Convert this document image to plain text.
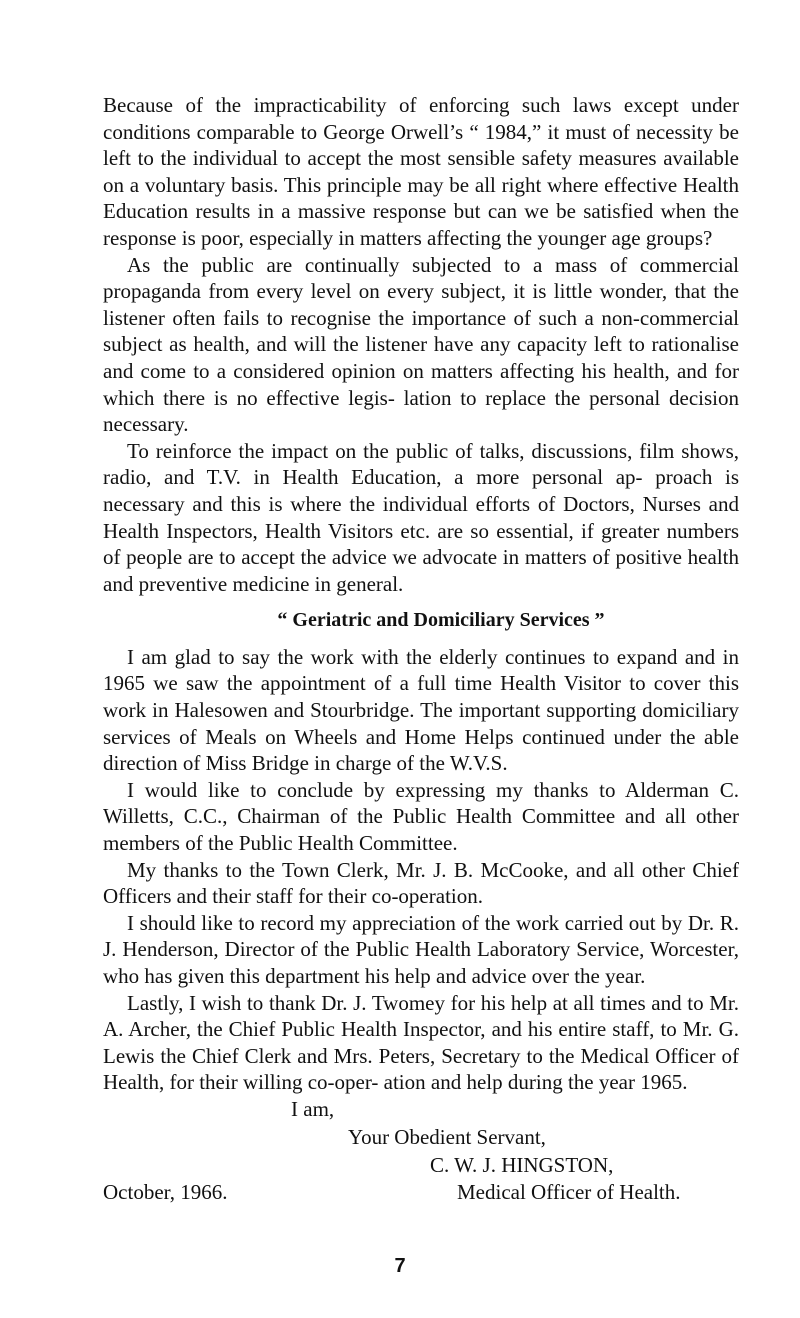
Because of the impracticability of enforcing such laws except under conditions comparable to George Orwell’s “ 1984,” it must of necessity be left to the individual to accept the most sensible safety measures available on a voluntary basis. This principle may be all right where effective Health Education results in a massive response but can we be satisfied when the response is poor, especially in matters affecting the younger age groups?

As the public are continually subjected to a mass of commercial propaganda from every level on every subject, it is little wonder, that the listener often fails to recognise the importance of such a non-commercial subject as health, and will the listener have any capacity left to rationalise and come to a considered opinion on matters affecting his health, and for which there is no effective legis- lation to replace the personal decision necessary.

To reinforce the impact on the public of talks, discussions, film shows, radio, and T.V. in Health Education, a more personal ap- proach is necessary and this is where the individual efforts of Doctors, Nurses and Health Inspectors, Health Visitors etc. are so essential, if greater numbers of people are to accept the advice we advocate in matters of positive health and preventive medicine in general.

“ Geriatric and Domiciliary Services ”

I am glad to say the work with the elderly continues to expand and in 1965 we saw the appointment of a full time Health Visitor to cover this work in Halesowen and Stourbridge. The important supporting domiciliary services of Meals on Wheels and Home Helps continued under the able direction of Miss Bridge in charge of the W.V.S.

I would like to conclude by expressing my thanks to Alderman C. Willetts, C.C., Chairman of the Public Health Committee and all other members of the Public Health Committee.

My thanks to the Town Clerk, Mr. J. B. McCooke, and all other Chief Officers and their staff for their co-operation.

I should like to record my appreciation of the work carried out by Dr. R. J. Henderson, Director of the Public Health Laboratory Service, Worcester, who has given this department his help and advice over the year.

Lastly, I wish to thank Dr. J. Twomey for his help at all times and to Mr. A. Archer, the Chief Public Health Inspector, and his entire staff, to Mr. G. Lewis the Chief Clerk and Mrs. Peters, Secretary to the Medical Officer of Health, for their willing co-oper- ation and help during the year 1965.

I am,
Your Obedient Servant,
C. W. J. HINGSTON,
October, 1966.	Medical Officer of Health.
7
